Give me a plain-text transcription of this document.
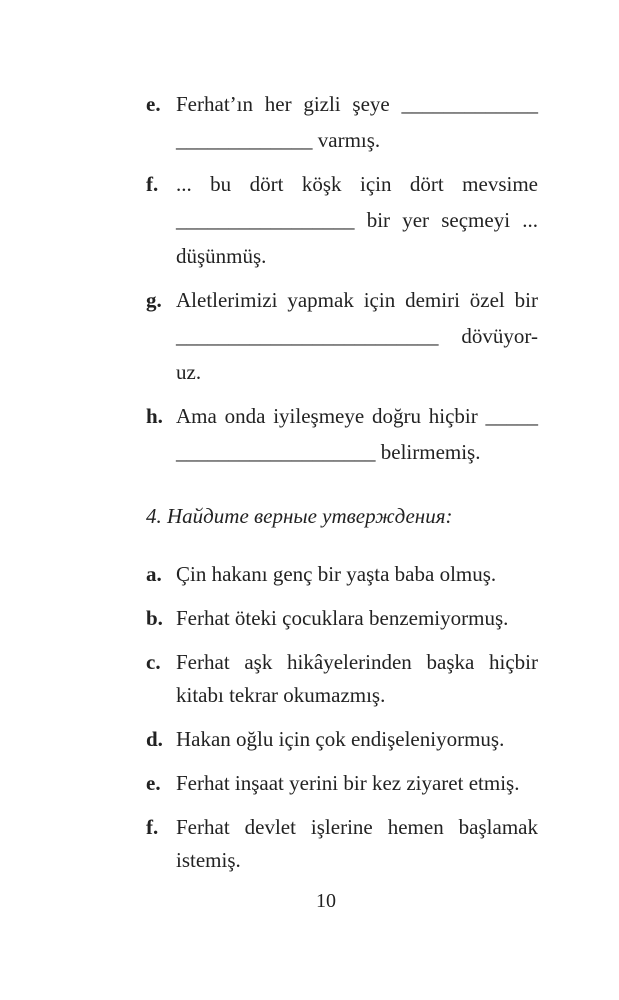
e. Ferhat’ın her gizli şeye _____________
_____________ varmış.
f. ... bu dört köşk için dört mevsime
_________________ bir yer seçmeyi ...
düşünmüş.
g. Aletlerimizi yapmak için demiri özel bir
_________________________ dövüyor-
uz.
h. Ama onda iyileşmeye doğru hiçbir _____
___________________ belirmemiş.
4. Найдите верные утверждения:
a. Çin hakanı genç bir yaşta baba olmuş.
b. Ferhat öteki çocuklara benzemiyormuş.
c. Ferhat aşk hikâyelerinden başka hiçbir
kitabı tekrar okumazmış.
d. Hakan oğlu için çok endişeleniyormuş.
e. Ferhat inşaat yerini bir kez ziyaret etmiş.
f. Ferhat devlet işlerine hemen başlamak
istemiş.
10
